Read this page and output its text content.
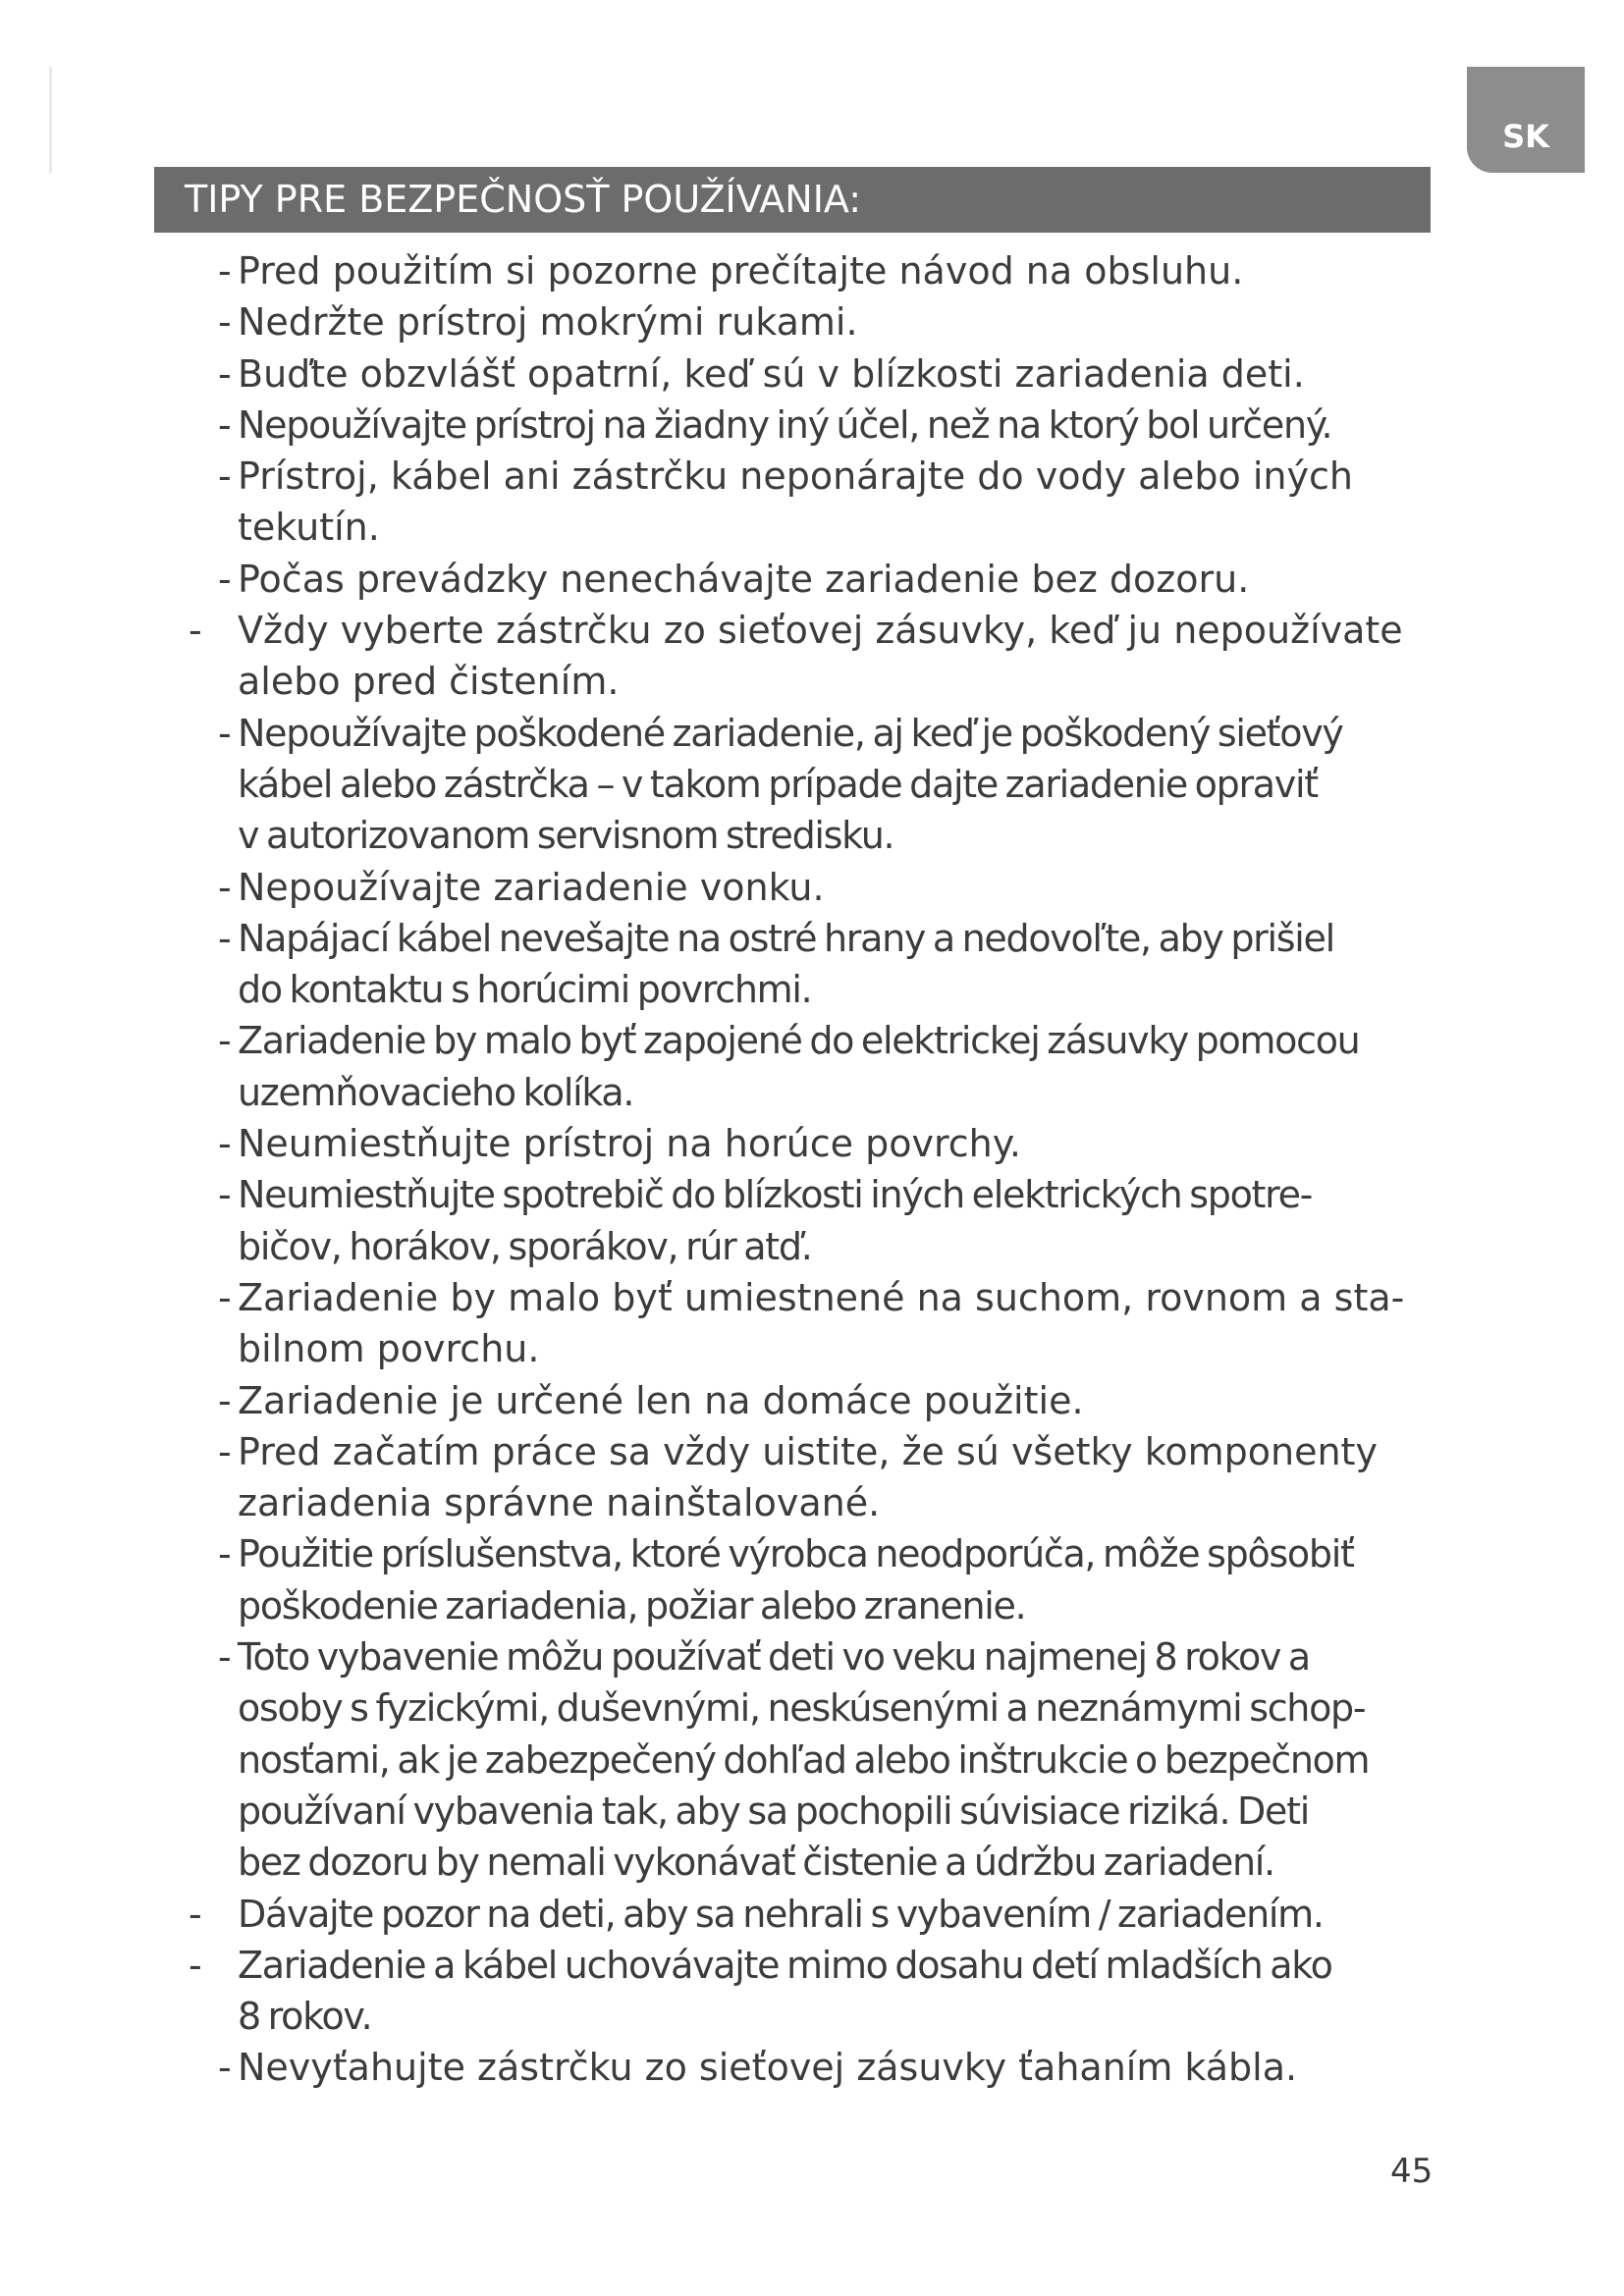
SK
TIPY PRE BEZPEČNOSŤ POUŽÍVANIA:
- Pred použitím si pozorne prečítajte návod na obsluhu.
- Nedržte prístroj mokrými rukami.
- Buďte obzvlášť opatrní, keď sú v blízkosti zariadenia deti.
- Nepoužívajte prístroj na žiadny iný účel, než na ktorý bol určený.
- Prístroj, kábel ani zástrčku neponárajte do vody alebo iných
tekutín.
- Počas prevádzky nenechávajte zariadenie bez dozoru.
- Vždy vyberte zástrčku zo sieťovej zásuvky, keď ju nepoužívate
alebo pred čistením.
- Nepoužívajte poškodené zariadenie, aj keď je poškodený sieťový
kábel alebo zástrčka – v takom prípade dajte zariadenie opraviť
v autorizovanom servisnom stredisku.
- Nepoužívajte zariadenie vonku.
- Napájací kábel nevešajte na ostré hrany a nedovoľte, aby prišiel
do kontaktu s horúcimi povrchmi.
- Zariadenie by malo byť zapojené do elektrickej zásuvky pomocou
uzemňovacieho kolíka.
- Neumiestňujte prístroj na horúce povrchy.
- Neumiestňujte spotrebič do blízkosti iných elektrických spotre-
bičov, horákov, sporákov, rúr atď.
- Zariadenie by malo byť umiestnené na suchom, rovnom a sta-
bilnom povrchu.
- Zariadenie je určené len na domáce použitie.
- Pred začatím práce sa vždy uistite, že sú všetky komponenty
zariadenia správne nainštalované.
- Použitie príslušenstva, ktoré výrobca neodporúča, môže spôsobiť
poškodenie zariadenia, požiar alebo zranenie.
- Toto vybavenie môžu používať deti vo veku najmenej 8 rokov a
osoby s fyzickými, duševnými, neskúsenými a neznámymi schop-
nosťami, ak je zabezpečený dohľad alebo inštrukcie o bezpečnom
používaní vybavenia tak, aby sa pochopili súvisiace riziká. Deti
bez dozoru by nemali vykonávať čistenie a údržbu zariadení.
- Dávajte pozor na deti, aby sa nehrali s vybavením / zariadením.
- Zariadenie a kábel uchovávajte mimo dosahu detí mladších ako
8 rokov.
- Nevyťahujte zástrčku zo sieťovej zásuvky ťahaním kábla.
45
